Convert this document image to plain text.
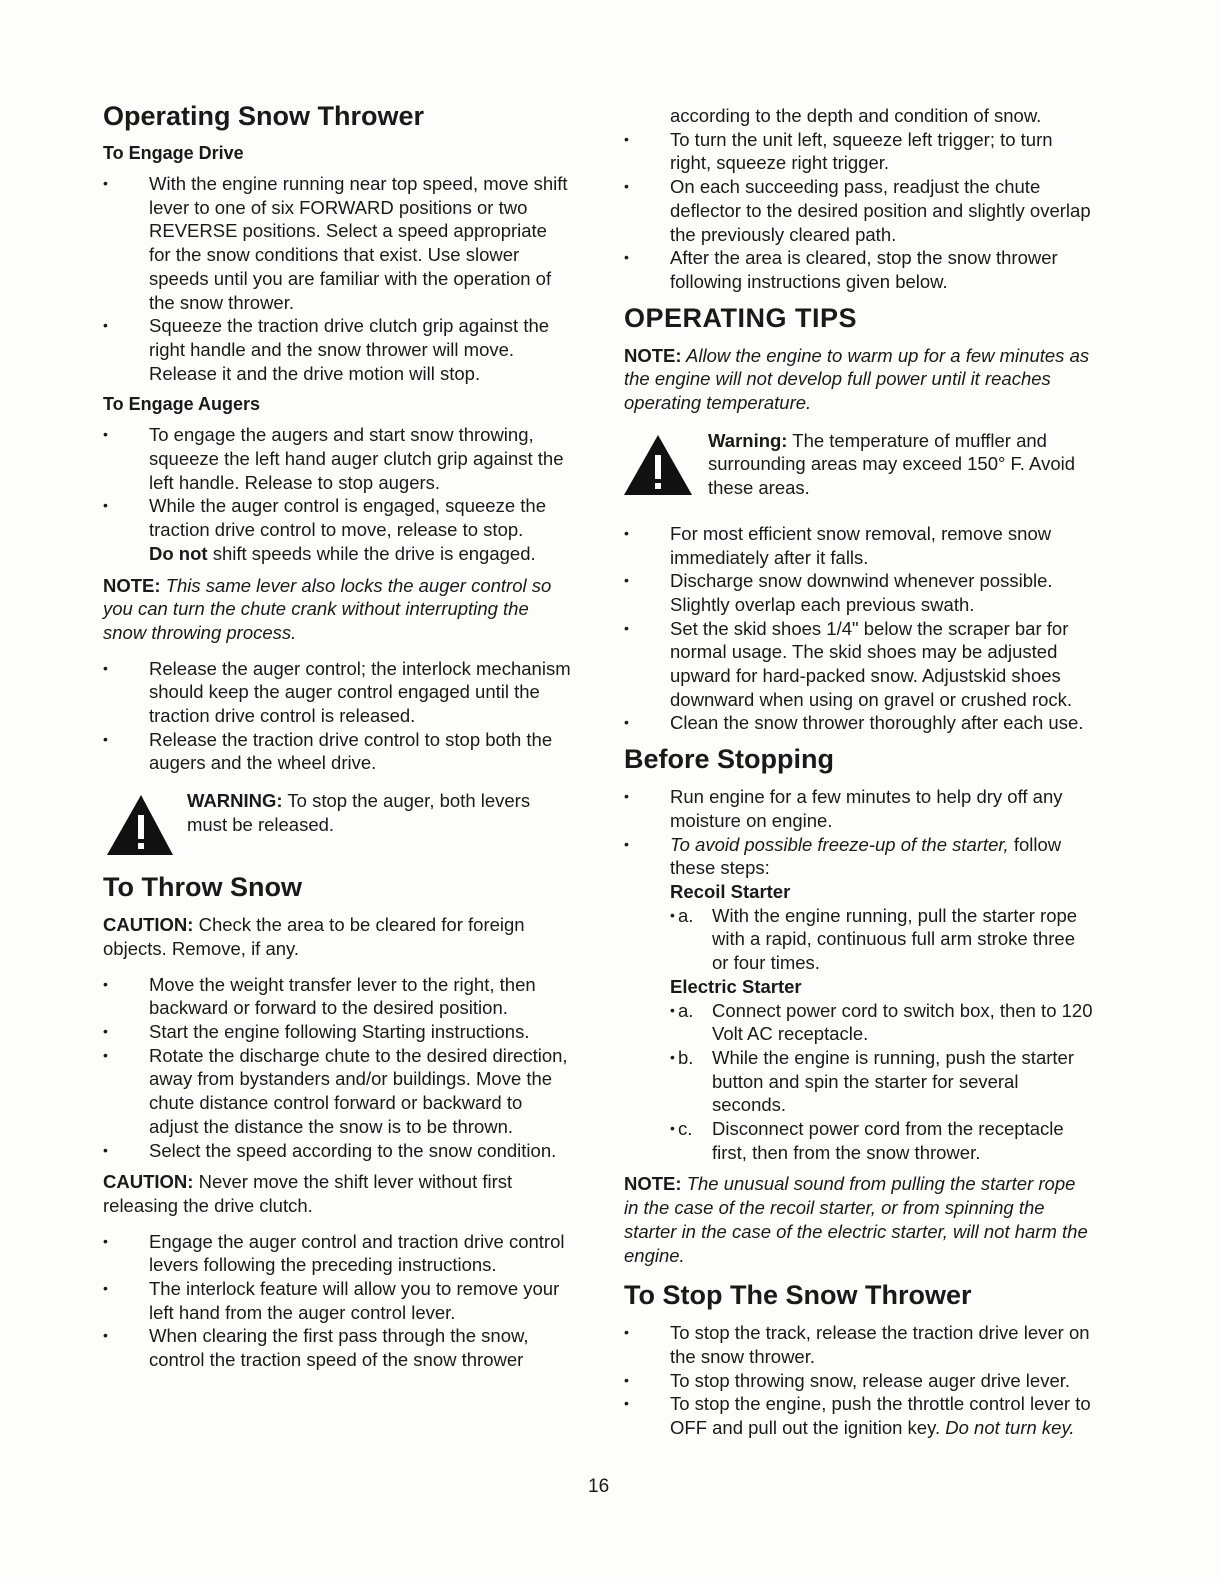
Operating Snow Thrower
To Engage Drive
• With the engine running near top speed, move shift lever to one of six FORWARD positions or two REVERSE positions. Select a speed appropriate for the snow conditions that exist. Use slower speeds until you are familiar with the operation of the snow thrower.
• Squeeze the traction drive clutch grip against the right handle and the snow thrower will move. Release it and the drive motion will stop.
To Engage Augers
• To engage the augers and start snow throwing, squeeze the left hand auger clutch grip against the left handle. Release to stop augers.
• While the auger control is engaged, squeeze the traction drive control to move, release to stop.
Do not shift speeds while the drive is engaged.

NOTE: This same lever also locks the auger control so you can turn the chute crank without interrupting the snow throwing process.

• Release the auger control; the interlock mechanism should keep the auger control engaged until the traction drive control is released.
• Release the traction drive control to stop both the augers and the wheel drive.
WARNING: To stop the auger, both levers must be released.
To Throw Snow

CAUTION: Check the area to be cleared for foreign objects. Remove, if any.

• Move the weight transfer lever to the right, then backward or forward to the desired position.
• Start the engine following Starting instructions.
• Rotate the discharge chute to the desired direction, away from bystanders and/or buildings. Move the chute distance control forward or backward to adjust the distance the snow is to be thrown.
• Select the speed according to the snow condition.

CAUTION: Never move the shift lever without first releasing the drive clutch.

• Engage the auger control and traction drive control levers following the preceding instructions.
• The interlock feature will allow you to remove your left hand from the auger control lever.
• When clearing the first pass through the snow, control the traction speed of the snow thrower

according to the depth and condition of snow.

• To turn the unit left, squeeze left trigger; to turn right, squeeze right trigger.
• On each succeeding pass, readjust the chute deflector to the desired position and slightly overlap the previously cleared path.
• After the area is cleared, stop the snow thrower following instructions given below.
OPERATING TIPS

NOTE: Allow the engine to warm up for a few minutes as the engine will not develop full power until it reaches operating temperature.

Warning: The temperature of muffler and surrounding areas may exceed 150° F. Avoid these areas.
• For most efficient snow removal, remove snow immediately after it falls.
• Discharge snow downwind whenever possible. Slightly overlap each previous swath.
• Set the skid shoes 1/4" below the scraper bar for normal usage. The skid shoes may be adjusted upward for hard-packed snow. Adjustskid shoes downward when using on gravel or crushed rock.
• Clean the snow thrower thoroughly after each use.
Before Stopping
• Run engine for a few minutes to help dry off any moisture on engine.
• To avoid possible freeze-up of the starter, follow these steps:
Recoil Starter
• a. With the engine running, pull the starter rope with a rapid, continuous full arm stroke three or four times.
Electric Starter
• a. Connect power cord to switch box, then to 120 Volt AC receptacle.
• b. While the engine is running, push the starter button and spin the starter for several seconds.
• c. Disconnect power cord from the receptacle first, then from the snow thrower.

NOTE: The unusual sound from pulling the starter rope in the case of the recoil starter, or from spinning the starter in the case of the electric starter, will not harm the engine.

To Stop The Snow Thrower
• To stop the track, release the traction drive lever on the snow thrower.
• To stop throwing snow, release auger drive lever.
• To stop the engine, push the throttle control lever to OFF and pull out the ignition key. Do not turn key.
16
